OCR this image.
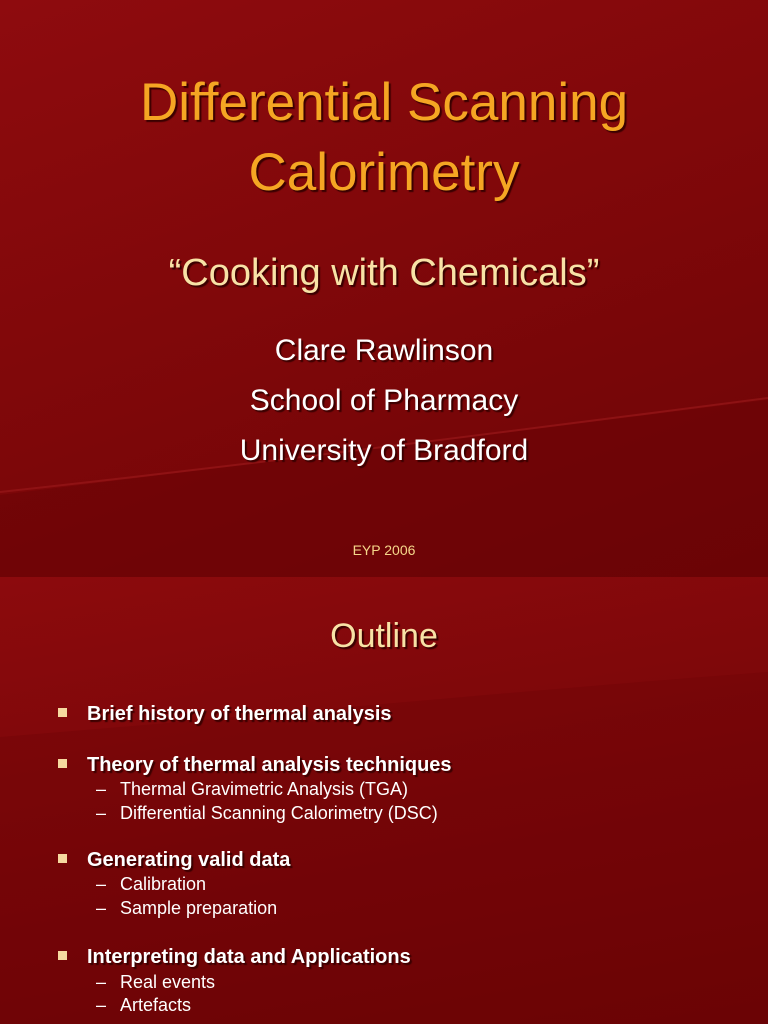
Differential Scanning
Calorimetry
“Cooking with Chemicals”
Clare Rawlinson
School of Pharmacy
University of Bradford
EYP 2006
Outline
Brief history of thermal analysis
Theory of thermal analysis techniques
– Thermal Gravimetric Analysis (TGA)
– Differential Scanning Calorimetry (DSC)
Generating valid data
– Calibration
– Sample preparation
Interpreting data and Applications
– Real events
– Artefacts
